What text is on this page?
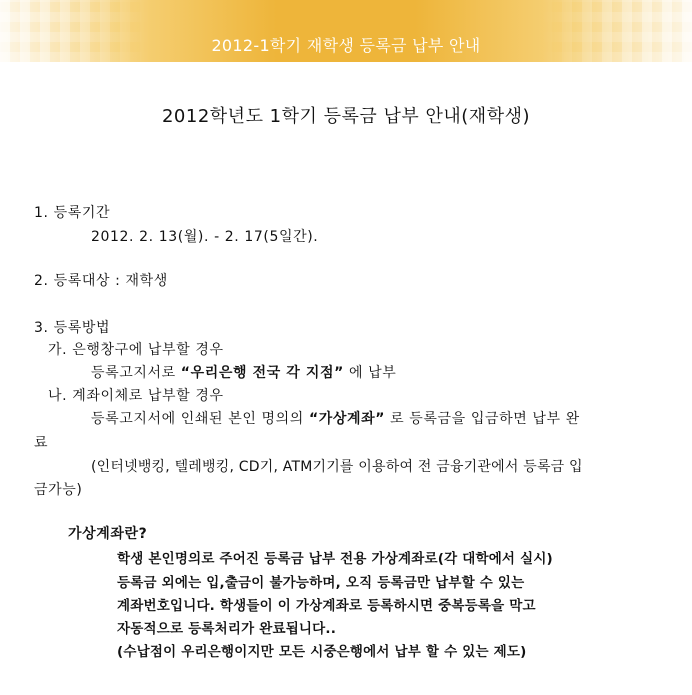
2012-1학기 재학생 등록금 납부 안내
2012학년도 1학기 등록금 납부 안내(재학생)
1. 등록기간
2012. 2. 13(월). - 2. 17(5일간).
2. 등록대상 : 재학생
3. 등록방법
가. 은행창구에 납부할 경우
등록고지서로 “우리은행 전국 각 지점” 에 납부
나. 계좌이체로 납부할 경우
등록고지서에 인쇄된 본인 명의의 “가상계좌” 로 등록금을 입금하면 납부 완
료
(인터넷뱅킹, 텔레뱅킹, CD기, ATM기기를 이용하여 전 금융기관에서 등록금 입
금가능)
가상계좌란?
학생 본인명의로 주어진 등록금 납부 전용 가상계좌로(각 대학에서 실시)
등록금 외에는 입,출금이 불가능하며, 오직 등록금만 납부할 수 있는
계좌번호입니다. 학생들이 이 가상계좌로 등록하시면 중복등록을 막고
자동적으로 등록처리가 완료됩니다..
(수납점이 우리은행이지만 모든 시중은행에서 납부 할 수 있는 제도)
